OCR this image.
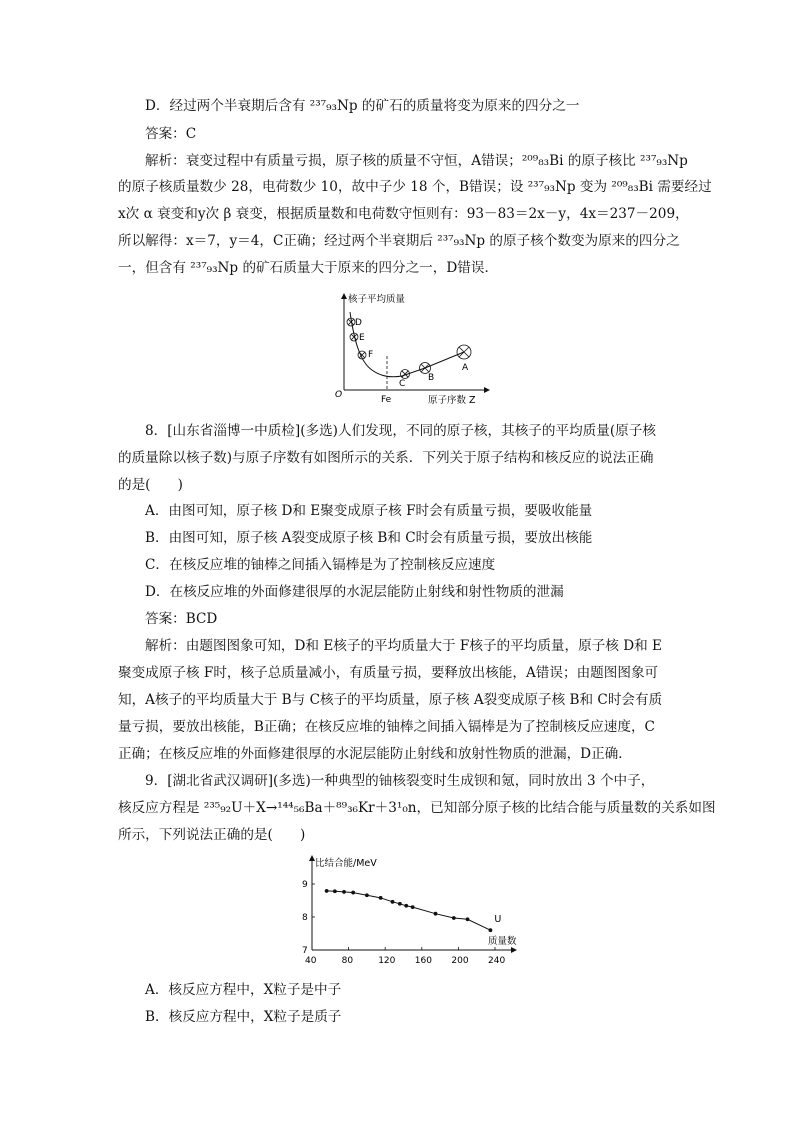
D．经过两个半衰期后含有 ²³⁷₉₃Np 的矿石的质量将变为原来的四分之一
答案：C
解析：衰变过程中有质量亏损，原子核的质量不守恒，A错误；²⁰⁹₈₃Bi 的原子核比 ²³⁷₉₃Np
的原子核质量数少 28，电荷数少 10，故中子少 18 个，B错误；设 ²³⁷₉₃Np 变为 ²⁰⁹₈₃Bi 需要经过
x次 α 衰变和y次 β 衰变，根据质量数和电荷数守恒则有：93－83＝2x－y，4x＝237－209，
所以解得：x＝7，y＝4，C正确；经过两个半衰期后 ²³⁷₉₃Np 的原子核个数变为原来的四分之
一，但含有 ²³⁷₉₃Np 的矿石质量大于原来的四分之一，D错误．
核子平均质量
原子序数 Z
O	Fe
D
E
F
C
B
A
8．[山东省淄博一中质检](多选)人们发现，不同的原子核，其核子的平均质量(原子核
的质量除以核子数)与原子序数有如图所示的关系．下列关于原子结构和核反应的说法正确
的是(　　)
A．由图可知，原子核 D和 E聚变成原子核 F时会有质量亏损，要吸收能量
B．由图可知，原子核 A裂变成原子核 B和 C时会有质量亏损，要放出核能
C．在核反应堆的铀棒之间插入镉棒是为了控制核反应速度
D．在核反应堆的外面修建很厚的水泥层能防止射线和射性物质的泄漏
答案：BCD
解析：由题图图象可知，D和 E核子的平均质量大于 F核子的平均质量，原子核 D和 E
聚变成原子核 F时，核子总质量减小，有质量亏损，要释放出核能，A错误；由题图图象可
知，A核子的平均质量大于 B与 C核子的平均质量，原子核 A裂变成原子核 B和 C时会有质
量亏损，要放出核能，B正确；在核反应堆的铀棒之间插入镉棒是为了控制核反应速度，C
正确；在核反应堆的外面修建很厚的水泥层能防止射线和放射性物质的泄漏，D正确．
9．[湖北省武汉调研](多选)一种典型的铀核裂变时生成钡和氪，同时放出 3 个中子，
核反应方程是 ²³⁵₉₂U＋X→¹⁴⁴₅₆Ba＋⁸⁹₃₆Kr＋3¹₀n，已知部分原子核的比结合能与质量数的关系如图
所示，下列说法正确的是(　　)
比结合能/MeV
质量数
40	80	120 160 200 240
7
8
9
U
A．核反应方程中，X粒子是中子
B．核反应方程中，X粒子是质子
